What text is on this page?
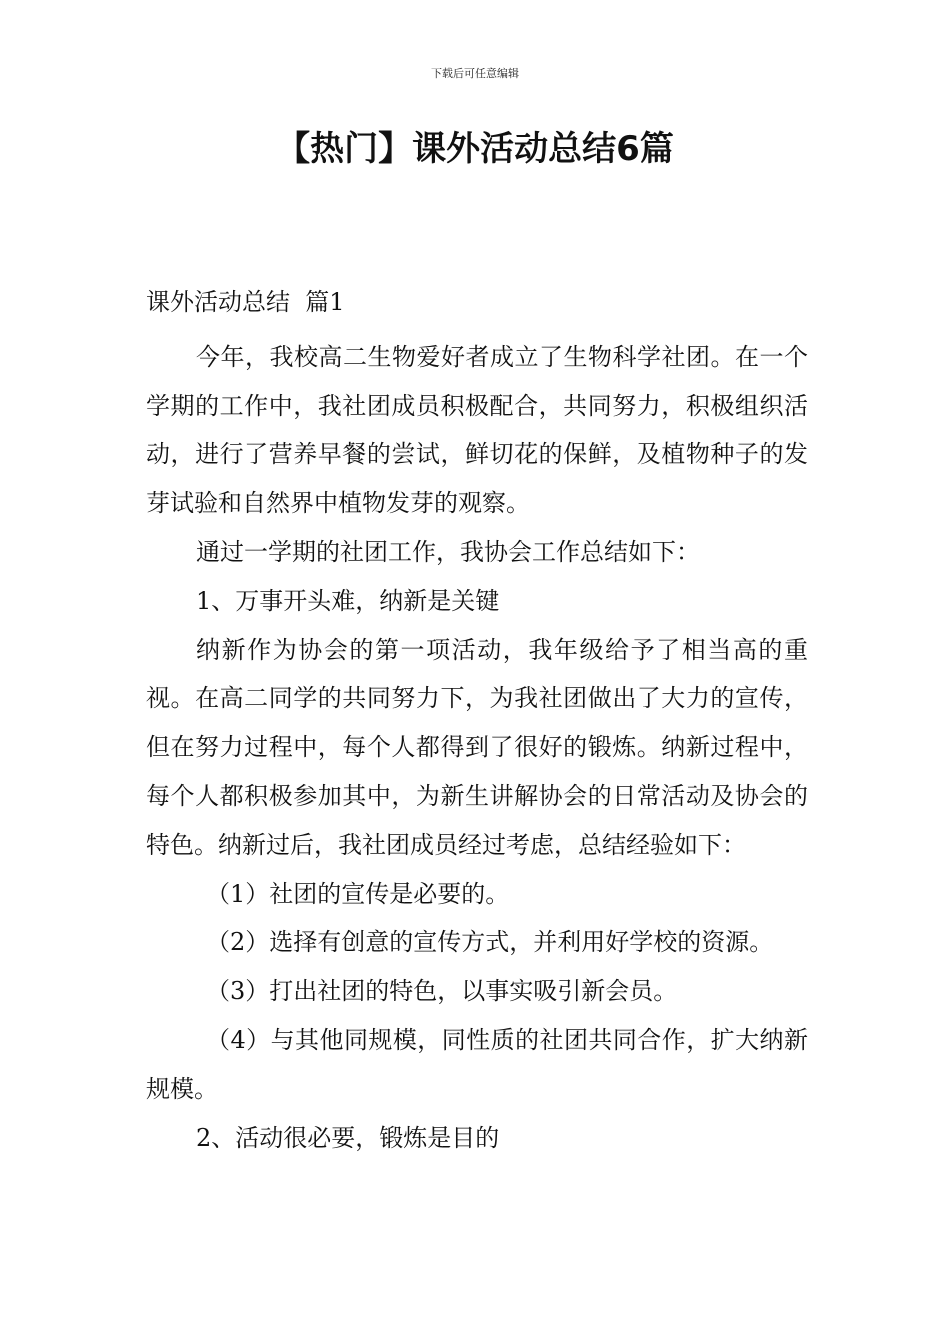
下载后可任意编辑
【热门】课外活动总结6篇

课外活动总结  篇1

今年，我校高二生物爱好者成立了生物科学社团。在一个学期的工作中，我社团成员积极配合，共同努力，积极组织活动，进行了营养早餐的尝试，鲜切花的保鲜，及植物种子的发芽试验和自然界中植物发芽的观察。

通过一学期的社团工作，我协会工作总结如下：

1、万事开头难，纳新是关键

纳新作为协会的第一项活动，我年级给予了相当高的重视。在高二同学的共同努力下，为我社团做出了大力的宣传，但在努力过程中，每个人都得到了很好的锻炼。纳新过程中，每个人都积极参加其中，为新生讲解协会的日常活动及协会的特色。纳新过后，我社团成员经过考虑，总结经验如下：

（1）社团的宣传是必要的。

（2）选择有创意的宣传方式，并利用好学校的资源。

（3）打出社团的特色，以事实吸引新会员。

（4）与其他同规模，同性质的社团共同合作，扩大纳新规模。

2、活动很必要，锻炼是目的
